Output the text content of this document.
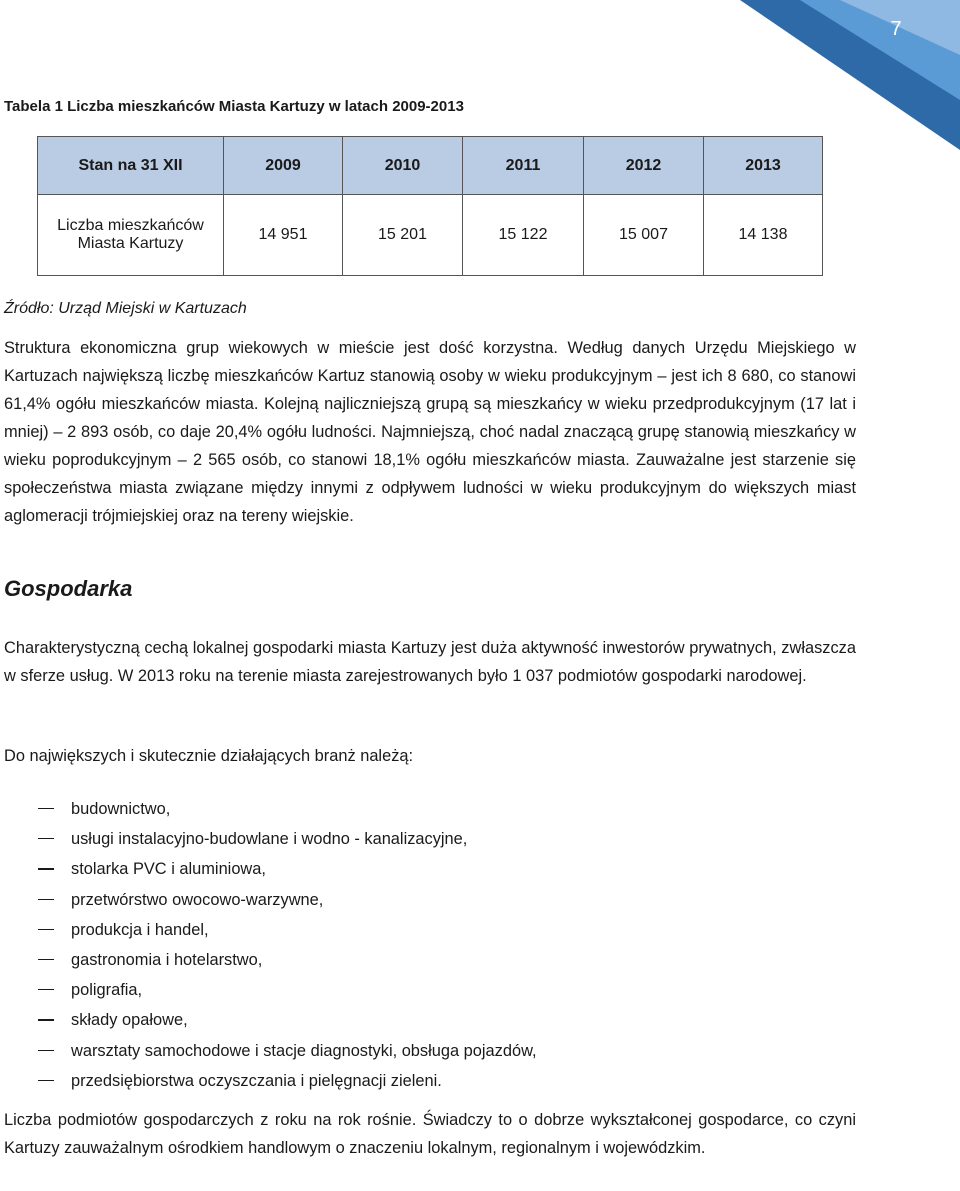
7
Tabela 1 Liczba mieszkańców Miasta Kartuzy w latach 2009-2013
Stan na 31 XII	2009	2010	2011	2012	2013
Liczba mieszkańców
Miasta Kartuzy	14 951	15 201	15 122	15 007	14 138
Źródło: Urząd Miejski w Kartuzach

Struktura ekonomiczna grup wiekowych w mieście jest dość korzystna. Według danych Urzędu Miejskiego w Kartuzach największą liczbę mieszkańców Kartuz stanowią osoby w wieku produkcyjnym – jest ich 8 680, co stanowi 61,4% ogółu mieszkańców miasta. Kolejną najliczniejszą grupą są mieszkańcy w wieku przedprodukcyjnym (17 lat i mniej) – 2 893 osób, co daje 20,4% ogółu ludności. Najmniejszą, choć nadal znaczącą grupę stanowią mieszkańcy w wieku poprodukcyjnym – 2 565 osób, co stanowi 18,1% ogółu mieszkańców miasta. Zauważalne jest starzenie się społeczeństwa miasta związane między innymi z odpływem ludności w wieku produkcyjnym do większych miast aglomeracji trójmiejskiej oraz na tereny wiejskie.

Gospodarka

Charakterystyczną cechą lokalnej gospodarki miasta Kartuzy jest duża aktywność inwestorów prywatnych, zwłaszcza w sferze usług. W 2013 roku na terenie miasta zarejestrowanych było 1 037 podmiotów gospodarki narodowej.

Do największych i skutecznie działających branż należą:

budownictwo,
usługi instalacyjno-budowlane i wodno - kanalizacyjne,
stolarka PVC i aluminiowa,
przetwórstwo owocowo-warzywne,
produkcja i handel,
gastronomia i hotelarstwo,
poligrafia,
składy opałowe,
warsztaty samochodowe i stacje diagnostyki, obsługa pojazdów,
przedsiębiorstwa oczyszczania i pielęgnacji zieleni.

Liczba podmiotów gospodarczych z roku na rok rośnie. Świadczy to o dobrze wykształconej gospodarce, co czyni Kartuzy zauważalnym ośrodkiem handlowym o znaczeniu lokalnym, regionalnym i wojewódzkim.
